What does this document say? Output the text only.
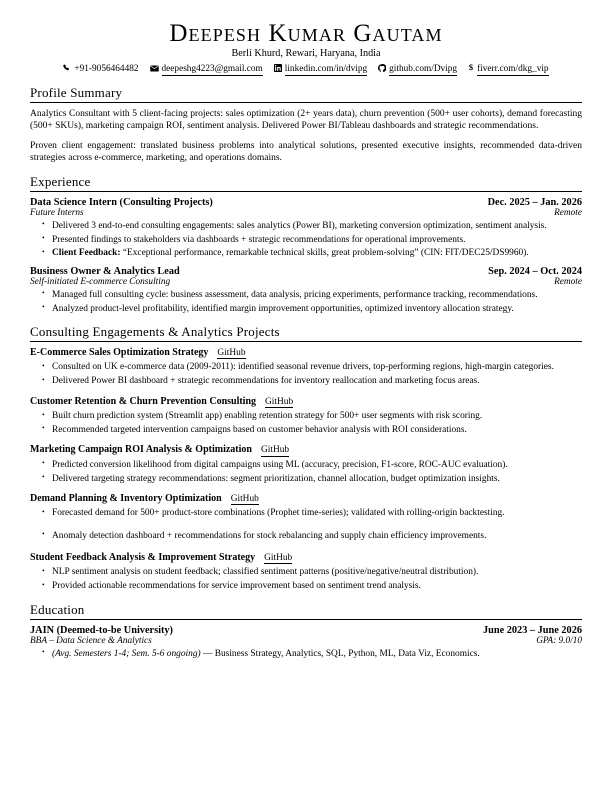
Deepesh Kumar Gautam
Berli Khurd, Rewari, Haryana, India
+91-9056464482 deepeshg4223@gmail.com linkedin.com/in/dvipg github.com/Dvipg $ fiverr.com/dkg_vip
Profile Summary

Analytics Consultant with 5 client-facing projects: sales optimization (2+ years data), churn prevention (500+ user cohorts), demand forecasting (500+ SKUs), marketing campaign ROI, sentiment analysis. Delivered Power BI/Tableau dashboards and strategic recommendations.

Proven client engagement: translated business problems into analytical solutions, presented executive insights, recommended data-driven strategies across e-commerce, marketing, and operations domains.

Experience
Data Science Intern (Consulting Projects)	Dec. 2025 – Jan. 2026
Future Interns	Remote
• Delivered 3 end-to-end consulting engagements: sales analytics (Power BI), marketing conversion optimization, sentiment analysis.
• Presented findings to stakeholders via dashboards + strategic recommendations for operational improvements.
• Client Feedback: “Exceptional performance, remarkable technical skills, great problem-solving” (CIN: FIT/DEC25/DS9960).
Business Owner & Analytics Lead	Sep. 2024 – Oct. 2024
Self-initiated E-commerce Consulting	Remote
• Managed full consulting cycle: business assessment, data analysis, pricing experiments, performance tracking, recommendations.
• Analyzed product-level profitability, identified margin improvement opportunities, optimized inventory allocation strategy.
Consulting Engagements & Analytics Projects
E-Commerce Sales Optimization Strategy GitHub
• Consulted on UK e-commerce data (2009-2011): identified seasonal revenue drivers, top-performing regions, high-margin categories.
• Delivered Power BI dashboard + strategic recommendations for inventory reallocation and marketing focus areas.
Customer Retention & Churn Prevention Consulting GitHub
• Built churn prediction system (Streamlit app) enabling retention strategy for 500+ user segments with risk scoring.
• Recommended targeted intervention campaigns based on customer behavior analysis with ROI considerations.
Marketing Campaign ROI Analysis & Optimization GitHub
• Predicted conversion likelihood from digital campaigns using ML (accuracy, precision, F1-score, ROC-AUC evaluation).
• Delivered targeting strategy recommendations: segment prioritization, channel allocation, budget optimization insights.
Demand Planning & Inventory Optimization GitHub
• Forecasted demand for 500+ product-store combinations (Prophet time-series); validated with rolling-origin backtesting.
• Anomaly detection dashboard + recommendations for stock rebalancing and supply chain efficiency improvements.
Student Feedback Analysis & Improvement Strategy GitHub
• NLP sentiment analysis on student feedback; classified sentiment patterns (positive/negative/neutral distribution).
• Provided actionable recommendations for service improvement based on sentiment trend analysis.
Education
JAIN (Deemed-to-be University)	June 2023 – June 2026
BBA – Data Science & Analytics	GPA: 9.0/10
• (Avg. Semesters 1-4; Sem. 5-6 ongoing) — Business Strategy, Analytics, SQL, Python, ML, Data Viz, Economics.
